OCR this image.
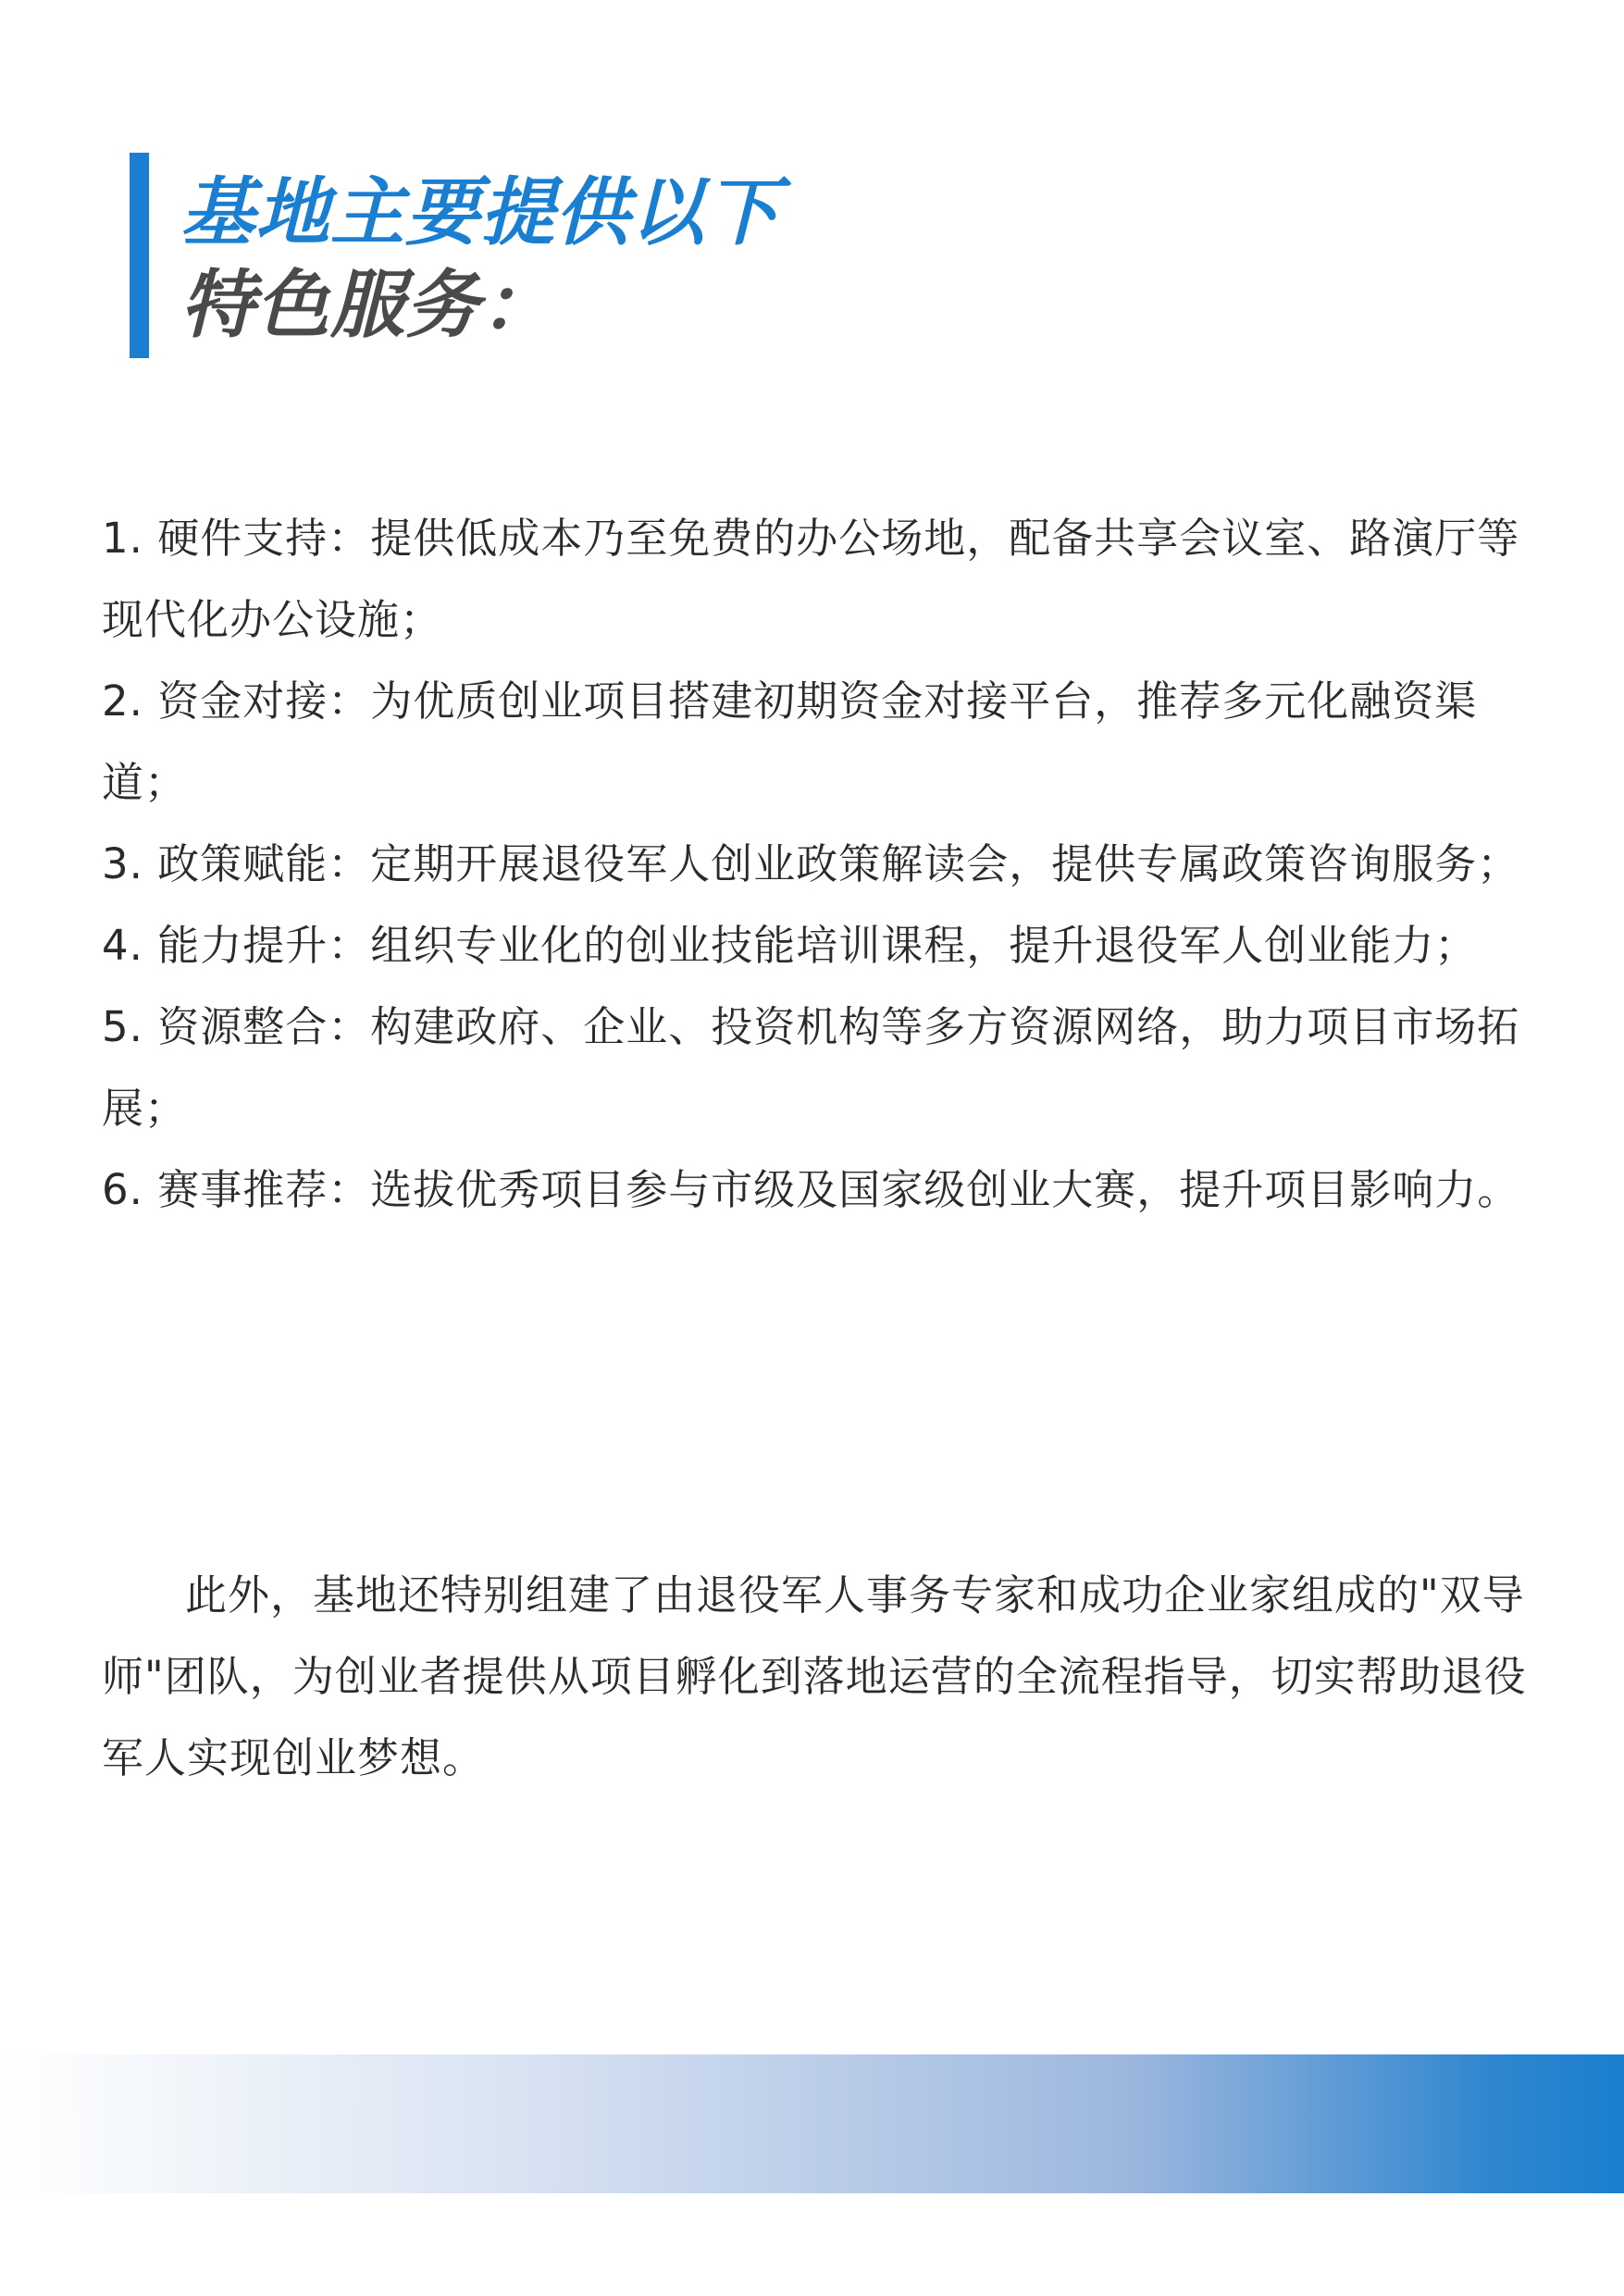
基地主要提供以下
特色服务：
1. 硬件支持：提供低成本乃至免费的办公场地，配备共享会议室、路演厅等现代化办公设施；
2. 资金对接：为优质创业项目搭建初期资金对接平台，推荐多元化融资渠道；
3. 政策赋能：定期开展退役军人创业政策解读会，提供专属政策咨询服务；
4. 能力提升：组织专业化的创业技能培训课程，提升退役军人创业能力；
5. 资源整合：构建政府、企业、投资机构等多方资源网络，助力项目市场拓展；
6. 赛事推荐：选拔优秀项目参与市级及国家级创业大赛，提升项目影响力。

此外，基地还特别组建了由退役军人事务专家和成功企业家组成的"双导师"团队，为创业者提供从项目孵化到落地运营的全流程指导，切实帮助退役军人实现创业梦想。
